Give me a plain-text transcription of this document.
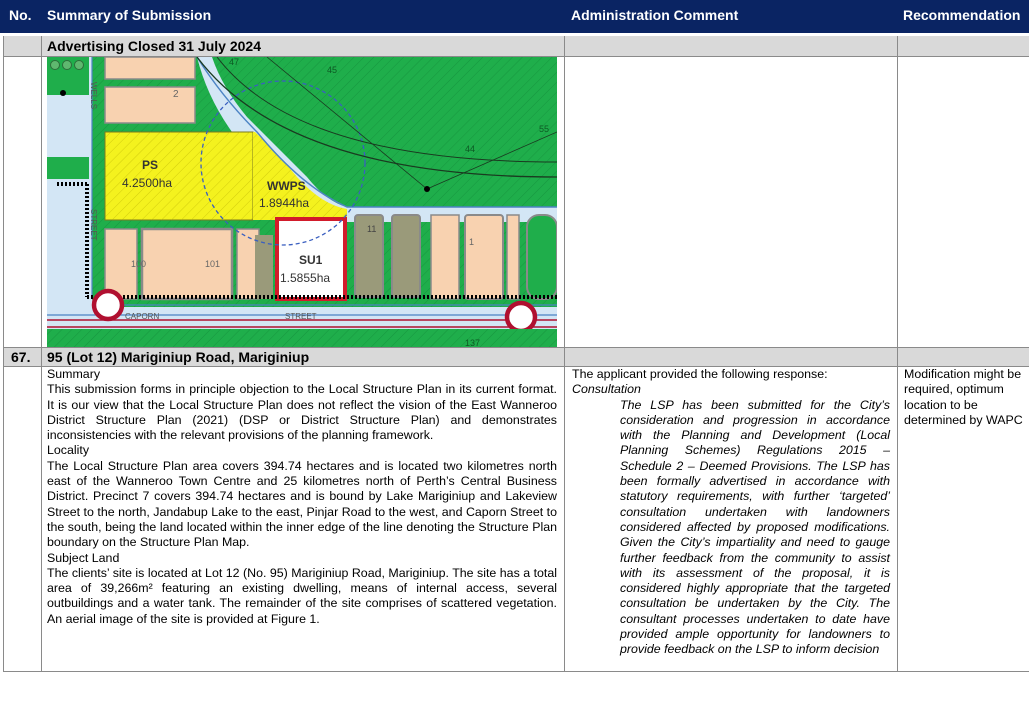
No.	Summary of Submission	Administration Comment	Recommendation
Advertising Closed 31 July 2024
67.	95 (Lot 12) Mariginiup Road, Mariginiup
WELLS
STREET
CAPORN	STREET
PS
4.2500ha	WWPS
1.8944ha
SU1
1.5855ha
2
11
1
100	101
44
45
47
55
137
Summary
This submission forms in principle objection to the Local Structure Plan in its current format. It is our view that the Local Structure Plan does not reflect the vision of the East Wanneroo District Structure Plan (2021) (DSP or District Structure Plan) and demonstrates inconsistencies with the relevant provisions of the planning framework.
Locality
The Local Structure Plan area covers 394.74 hectares and is located two kilometres north east of the Wanneroo Town Centre and 25 kilometres north of Perth’s Central Business District. Precinct 7 covers 394.74 hectares and is bound by Lake Mariginiup and Lakeview Street to the north, Jandabup Lake to the east, Pinjar Road to the west, and Caporn Street to the south, being the land located within the inner edge of the line denoting the Structure Plan boundary on the Structure Plan Map.
Subject Land
The clients’ site is located at Lot 12 (No. 95) Mariginiup Road, Mariginiup. The site has a total area of 39,266m² featuring an existing dwelling, means of internal access, several outbuildings and a water tank. The remainder of the site comprises of scattered vegetation. An aerial image of the site is provided at Figure 1.
The applicant provided the following response:
Consultation
The LSP has been submitted for the City’s consideration and progression in accordance with the Planning and Development (Local Planning Schemes) Regulations 2015 – Schedule 2 – Deemed Provisions. The LSP has been formally advertised in accordance with statutory requirements, with further ‘targeted’ consultation undertaken with landowners considered affected by proposed modifications. Given the City’s impartiality and need to gauge further feedback from the community to assist with its assessment of the proposal, it is considered highly appropriate that the targeted consultation be undertaken by the City. The consultant processes undertaken to date have provided ample opportunity for landowners to provide feedback on the LSP to inform decision
Modification might be required, optimum location to be determined by WAPC
